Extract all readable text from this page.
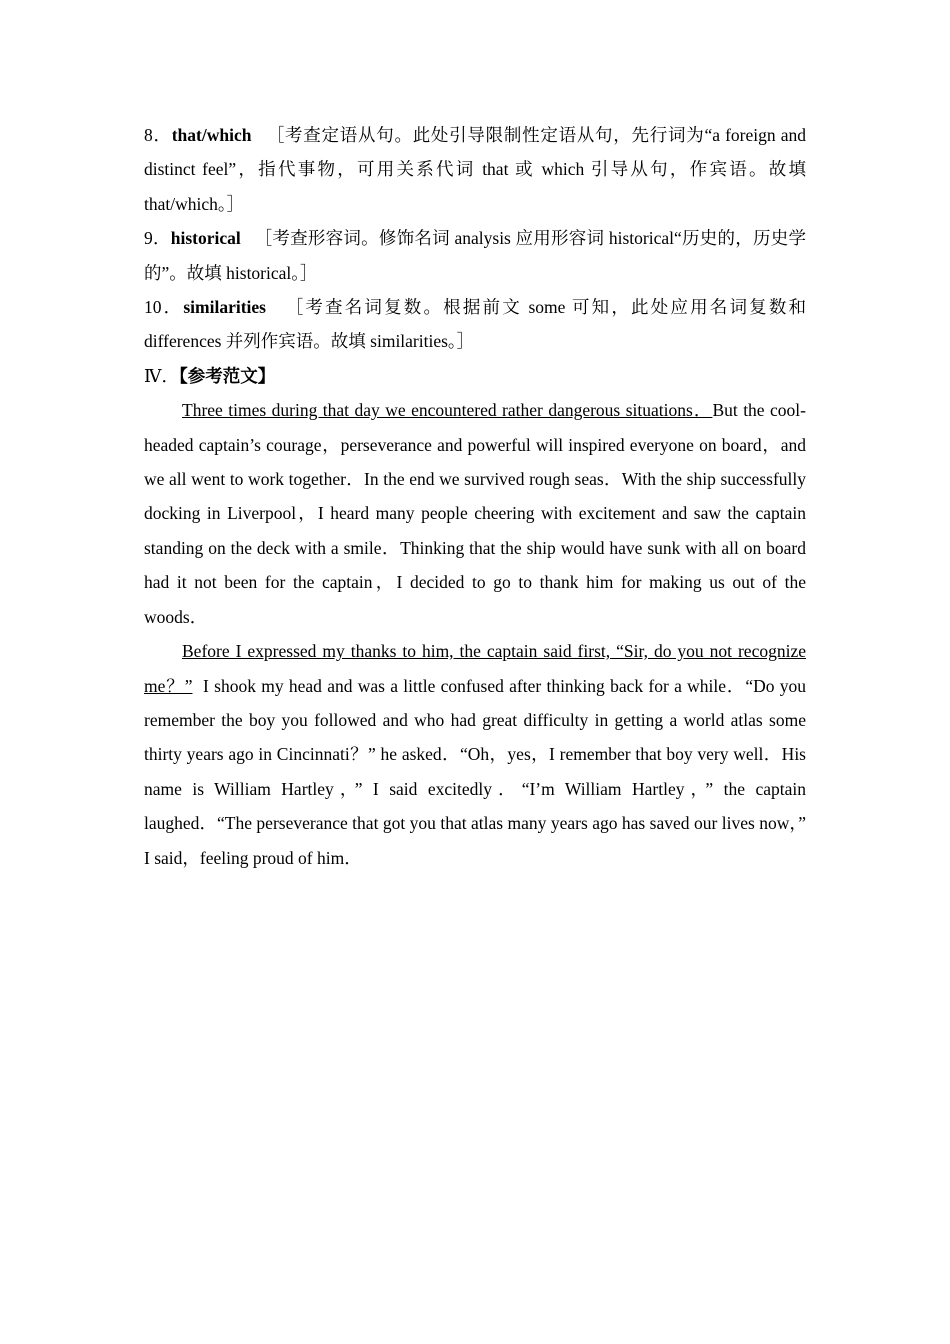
8．that/which ［考查定语从句。此处引导限制性定语从句，先行词为“a foreign and distinct feel”，指代事物，可用关系代词 that 或 which 引导从句，作宾语。故填 that/which。］

9．historical ［考查形容词。修饰名词 analysis 应用形容词 historical“历史的，历史学的”。故填 historical。］

10．similarities ［考查名词复数。根据前文 some 可知，此处应用名词复数和 differences 并列作宾语。故填 similarities。］

Ⅳ．【参考范文】

Three times during that day we encountered rather dangerous situations．But the cool-headed captain’s courage，perseverance and powerful will inspired everyone on board，and we all went to work together．In the end we survived rough seas．With the ship successfully docking in Liverpool，I heard many people cheering with excitement and saw the captain standing on the deck with a smile．Thinking that the ship would have sunk with all on board had it not been for the captain，I decided to go to thank him for making us out of the woods．

Before I expressed my thanks to him, the captain said first, “Sir, do you not recognize me？” I shook my head and was a little confused after thinking back for a while．“Do you remember the boy you followed and who had great difficulty in getting a world atlas some thirty years ago in Cincinnati？” he asked．“Oh，yes，I remember that boy very well．His name is William Hartley，” I said excitedly．“I’m William Hartley，” the captain laughed．“The perseverance that got you that atlas many years ago has saved our lives now，” I said，feeling proud of him．
